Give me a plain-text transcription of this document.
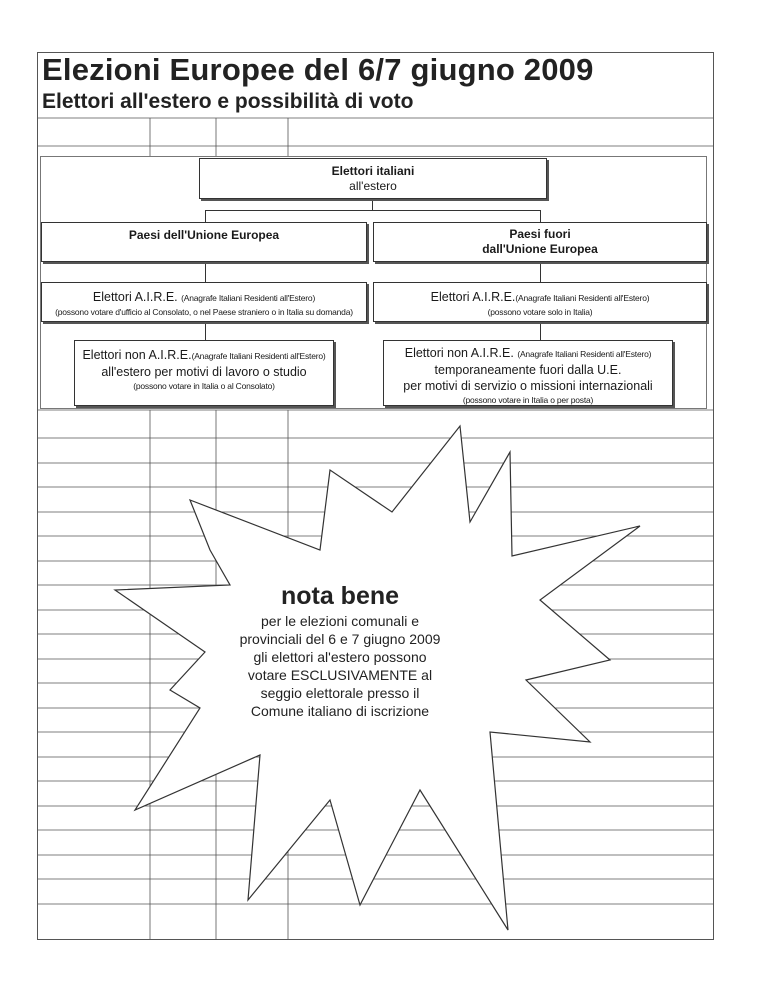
Elezioni Europee del 6/7 giugno 2009
Elettori all'estero e possibilità di voto
Elettori italiani
all'estero
Paesi dell'Unione Europea	Paesi fuori
dall'Unione Europea
Elettori A.I.R.E. (Anagrafe Italiani Residenti all'Estero)
(possono votare d'ufficio al Consolato, o nel Paese straniero o in Italia su domanda)
Elettori A.I.R.E.(Anagrafe Italiani Residenti all'Estero)
(possono votare solo in Italia)
Elettori non A.I.R.E.(Anagrafe Italiani Residenti all'Estero)
all'estero per motivi di lavoro o studio
(possono votare in Italia o al Consolato)
Elettori non A.I.R.E. (Anagrafe Italiani Residenti all'Estero)
temporaneamente fuori dalla U.E.
per motivi di servizio o missioni internazionali
(possono votare in Italia o per posta)
nota bene

per le elezioni comunali e
provinciali del 6 e 7 giugno 2009
gli elettori al'estero possono
votare ESCLUSIVAMENTE al
seggio elettorale presso il
Comune italiano di iscrizione
